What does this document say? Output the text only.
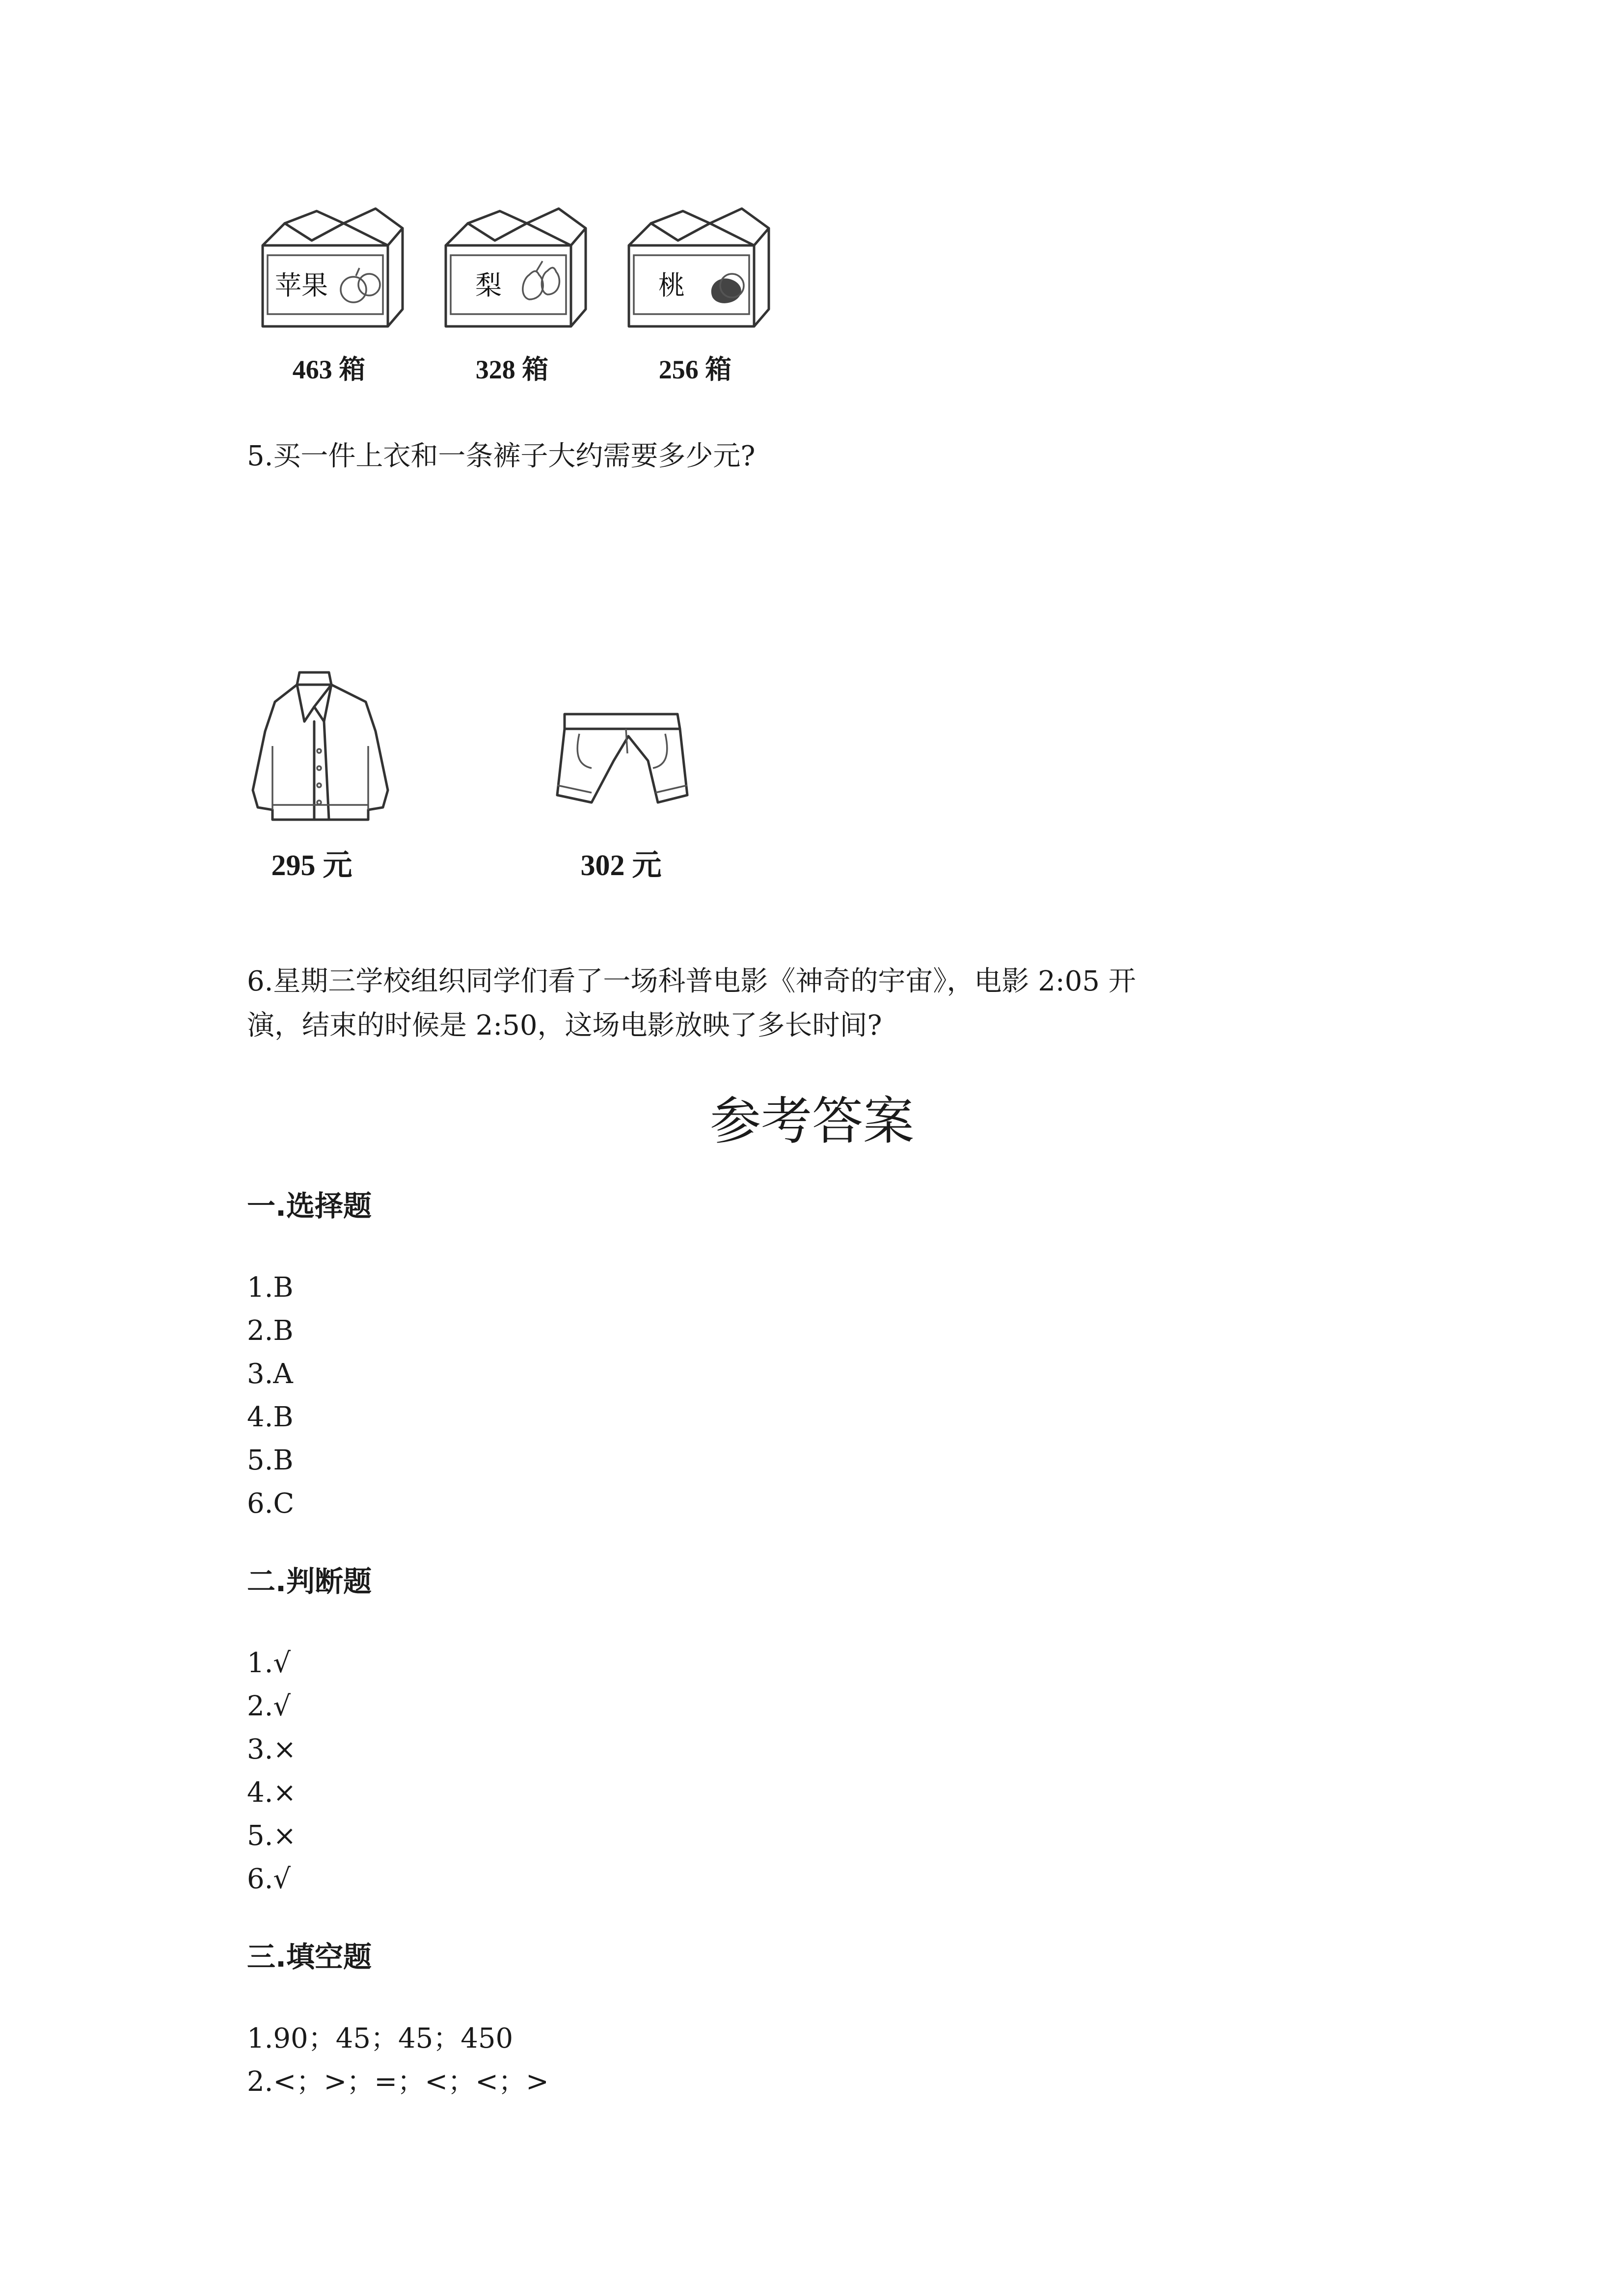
苹果	梨	桃
463 箱	328 箱	256 箱
5.买一件上衣和一条裤子大约需要多少元?
295 元	302 元
6.星期三学校组织同学们看了一场科普电影《神奇的宇宙》，电影 2:05 开
演，结束的时候是 2:50，这场电影放映了多长时间?
参考答案
一.选择题
1.B
2.B
3.A
4.B
5.B
6.C
二.判断题
1.√
2.√
3.×
4.×
5.×
6.√
三.填空题
1.90；45；45；450
2.<；>；=；<；<；>
